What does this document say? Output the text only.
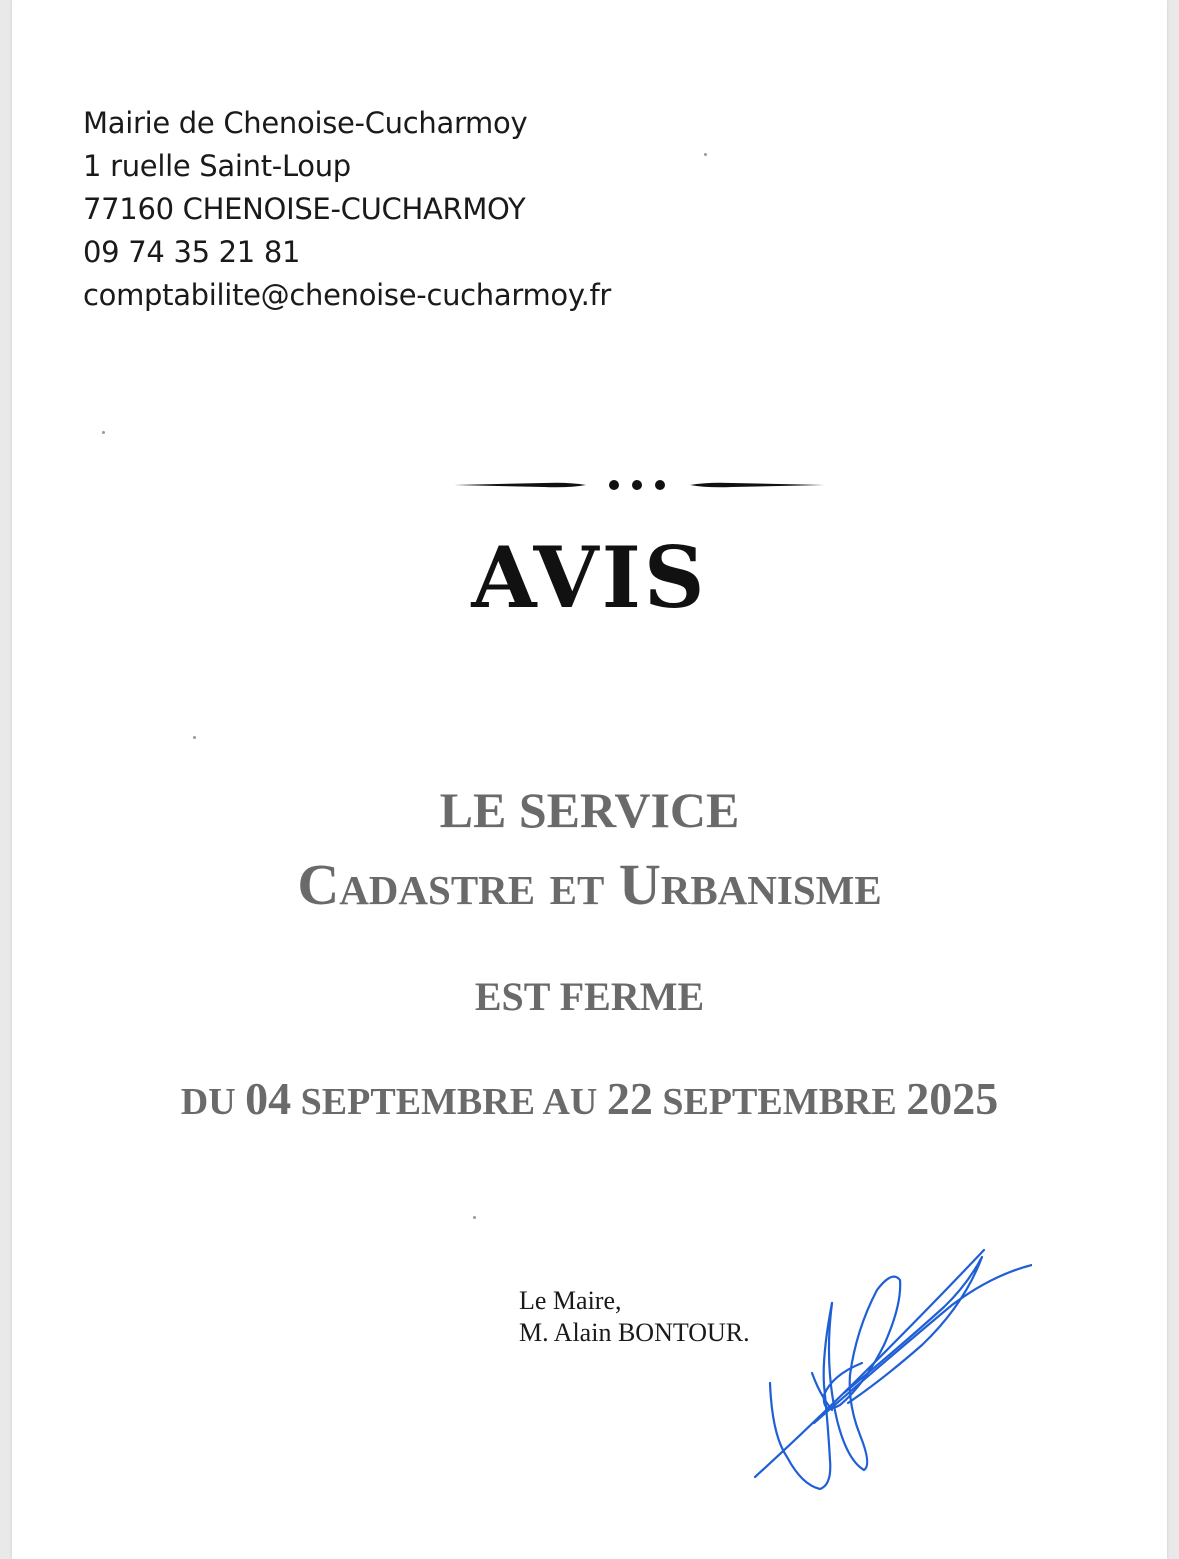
Mairie de Chenoise-Cucharmoy
1 ruelle Saint-Loup
77160 CHENOISE-CUCHARMOY
09 74 35 21 81
comptabilite@chenoise-cucharmoy.fr
AVIS
LE SERVICE
Cadastre et Urbanisme
EST FERME
DU 04 SEPTEMBRE AU 22 SEPTEMBRE 2025
Le Maire,
M. Alain BONTOUR.
